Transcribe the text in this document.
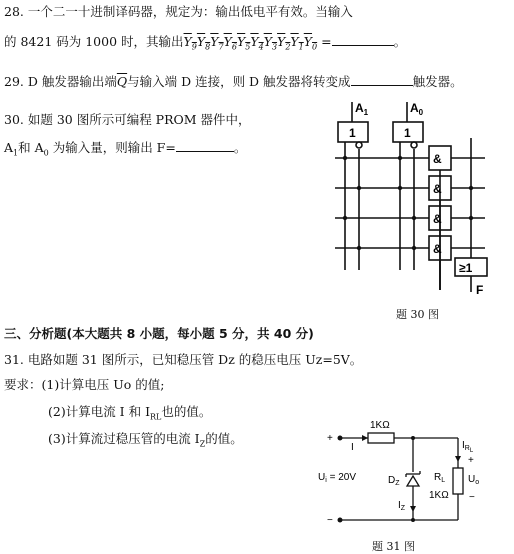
28. 一个二一十进制译码器，规定为：输出低电平有效。当输入
的 8421 码为 1000 时，其输出$Y_9Y_8Y_7Y_6Y_5Y_4Y_3Y_2Y_1Y_0$ =	。
29. D 触发器输出端$\overline{Q}$与输入端 D 连接，则 D 触发器将转变成	触发器。
30. 如题 30 图所示可编程 PROM 器件中，
$A_1$和 $A_0$ 为输入量，则输出 F=	。
$A_1$	$A_0$
1	1
&
&
&
&
≥1
F
题 30 图
三、分析题(本大题共 8 小题，每小题 5 分，共 40 分)
31. 电路如题 31 图所示，已知稳压管 Dz 的稳压电压 Uz=5V。
要求：(1)计算电压 Uo 的值;
(2)计算电流 I 和 $I_{RL}$也的值。
(3)计算流过稳压管的电流 $I_Z$的值。	+
−
I
1KΩ
$U_i = 20V$	$D_Z$
$I_Z$
$I_{RL}$
+
$R_L$
1KΩ
$U_o$
−
题 31 图
